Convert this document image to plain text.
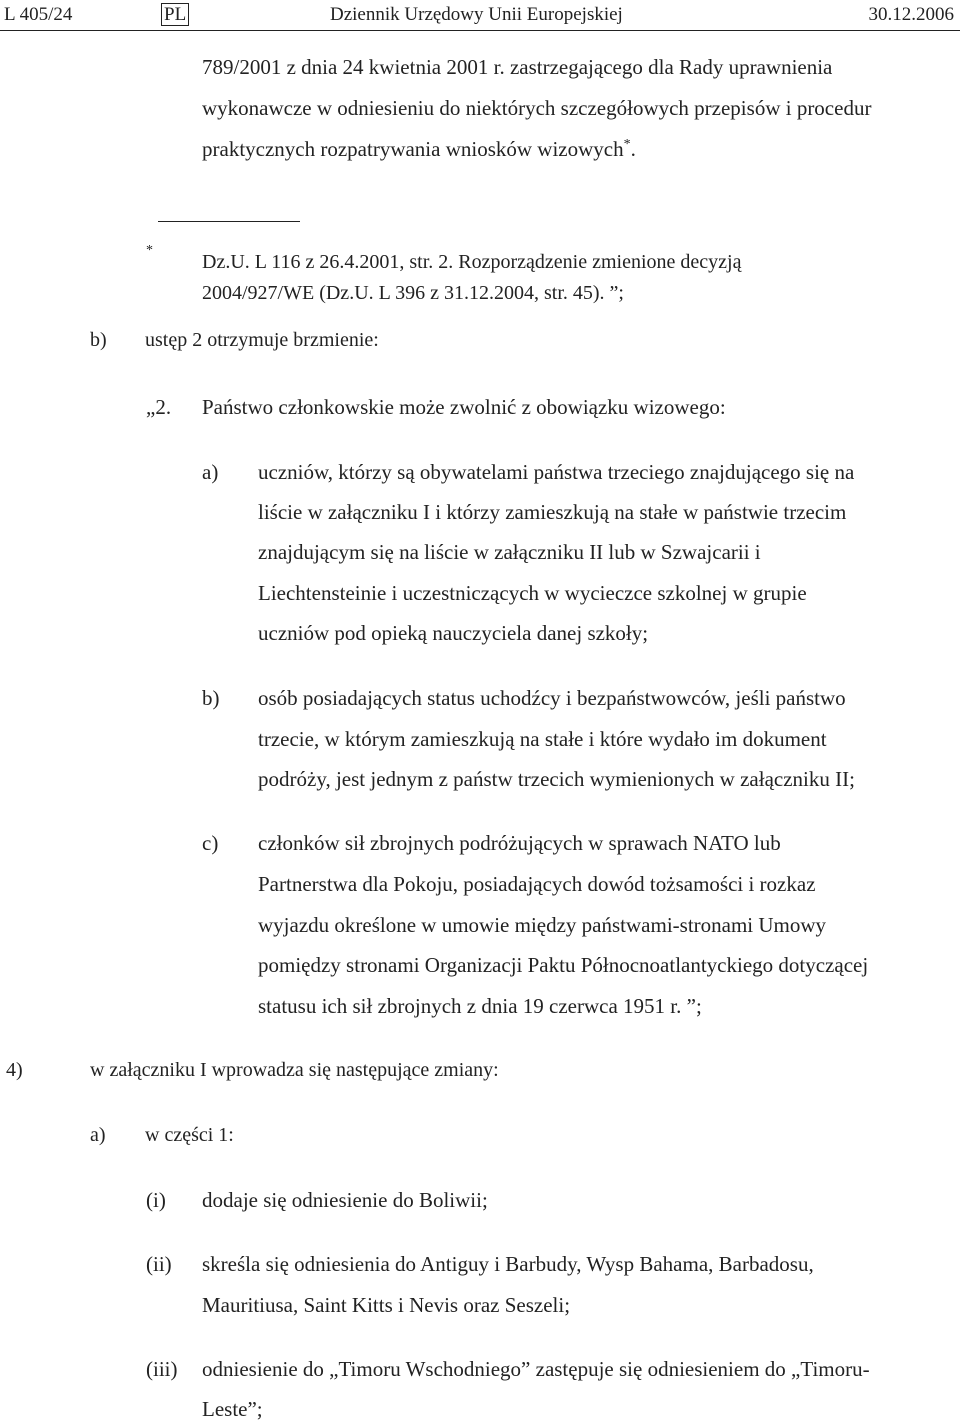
L 405/24	PL	Dziennik Urzędowy Unii Europejskiej	30.12.2006
789/2001 z dnia 24 kwietnia 2001 r. zastrzegającego dla Rady uprawnienia
wykonawcze w odniesieniu do niektórych szczegółowych przepisów i procedur
praktycznych rozpatrywania wniosków wizowych*.
*
Dz.U. L 116 z 26.4.2001, str. 2. Rozporządzenie zmienione decyzją
2004/927/WE (Dz.U. L 396 z 31.12.2004, str. 45). ”;
b) ustęp 2 otrzymuje brzmienie:
„2. Państwo członkowskie może zwolnić z obowiązku wizowego:
a) uczniów, którzy są obywatelami państwa trzeciego znajdującego się na
liście w załączniku I i którzy zamieszkują na stałe w państwie trzecim
znajdującym się na liście w załączniku II lub w Szwajcarii i
Liechtensteinie i uczestniczących w wycieczce szkolnej w grupie
uczniów pod opieką nauczyciela danej szkoły;
b) osób posiadających status uchodźcy i bezpaństwowców, jeśli państwo
trzecie, w którym zamieszkują na stałe i które wydało im dokument
podróży, jest jednym z państw trzecich wymienionych w załączniku II;
c) członków sił zbrojnych podróżujących w sprawach NATO lub
Partnerstwa dla Pokoju, posiadających dowód tożsamości i rozkaz
wyjazdu określone w umowie między państwami-stronami Umowy
pomiędzy stronami Organizacji Paktu Północnoatlantyckiego dotyczącej
statusu ich sił zbrojnych z dnia 19 czerwca 1951 r. ”;
4)	w załączniku I wprowadza się następujące zmiany:
a) w części 1:
(i) dodaje się odniesienie do Boliwii;
(ii) skreśla się odniesienia do Antiguy i Barbudy, Wysp Bahama, Barbadosu,
Mauritiusa, Saint Kitts i Nevis oraz Seszeli;
(iii) odniesienie do „Timoru Wschodniego” zastępuje się odniesieniem do „Timoru-
Leste”;
